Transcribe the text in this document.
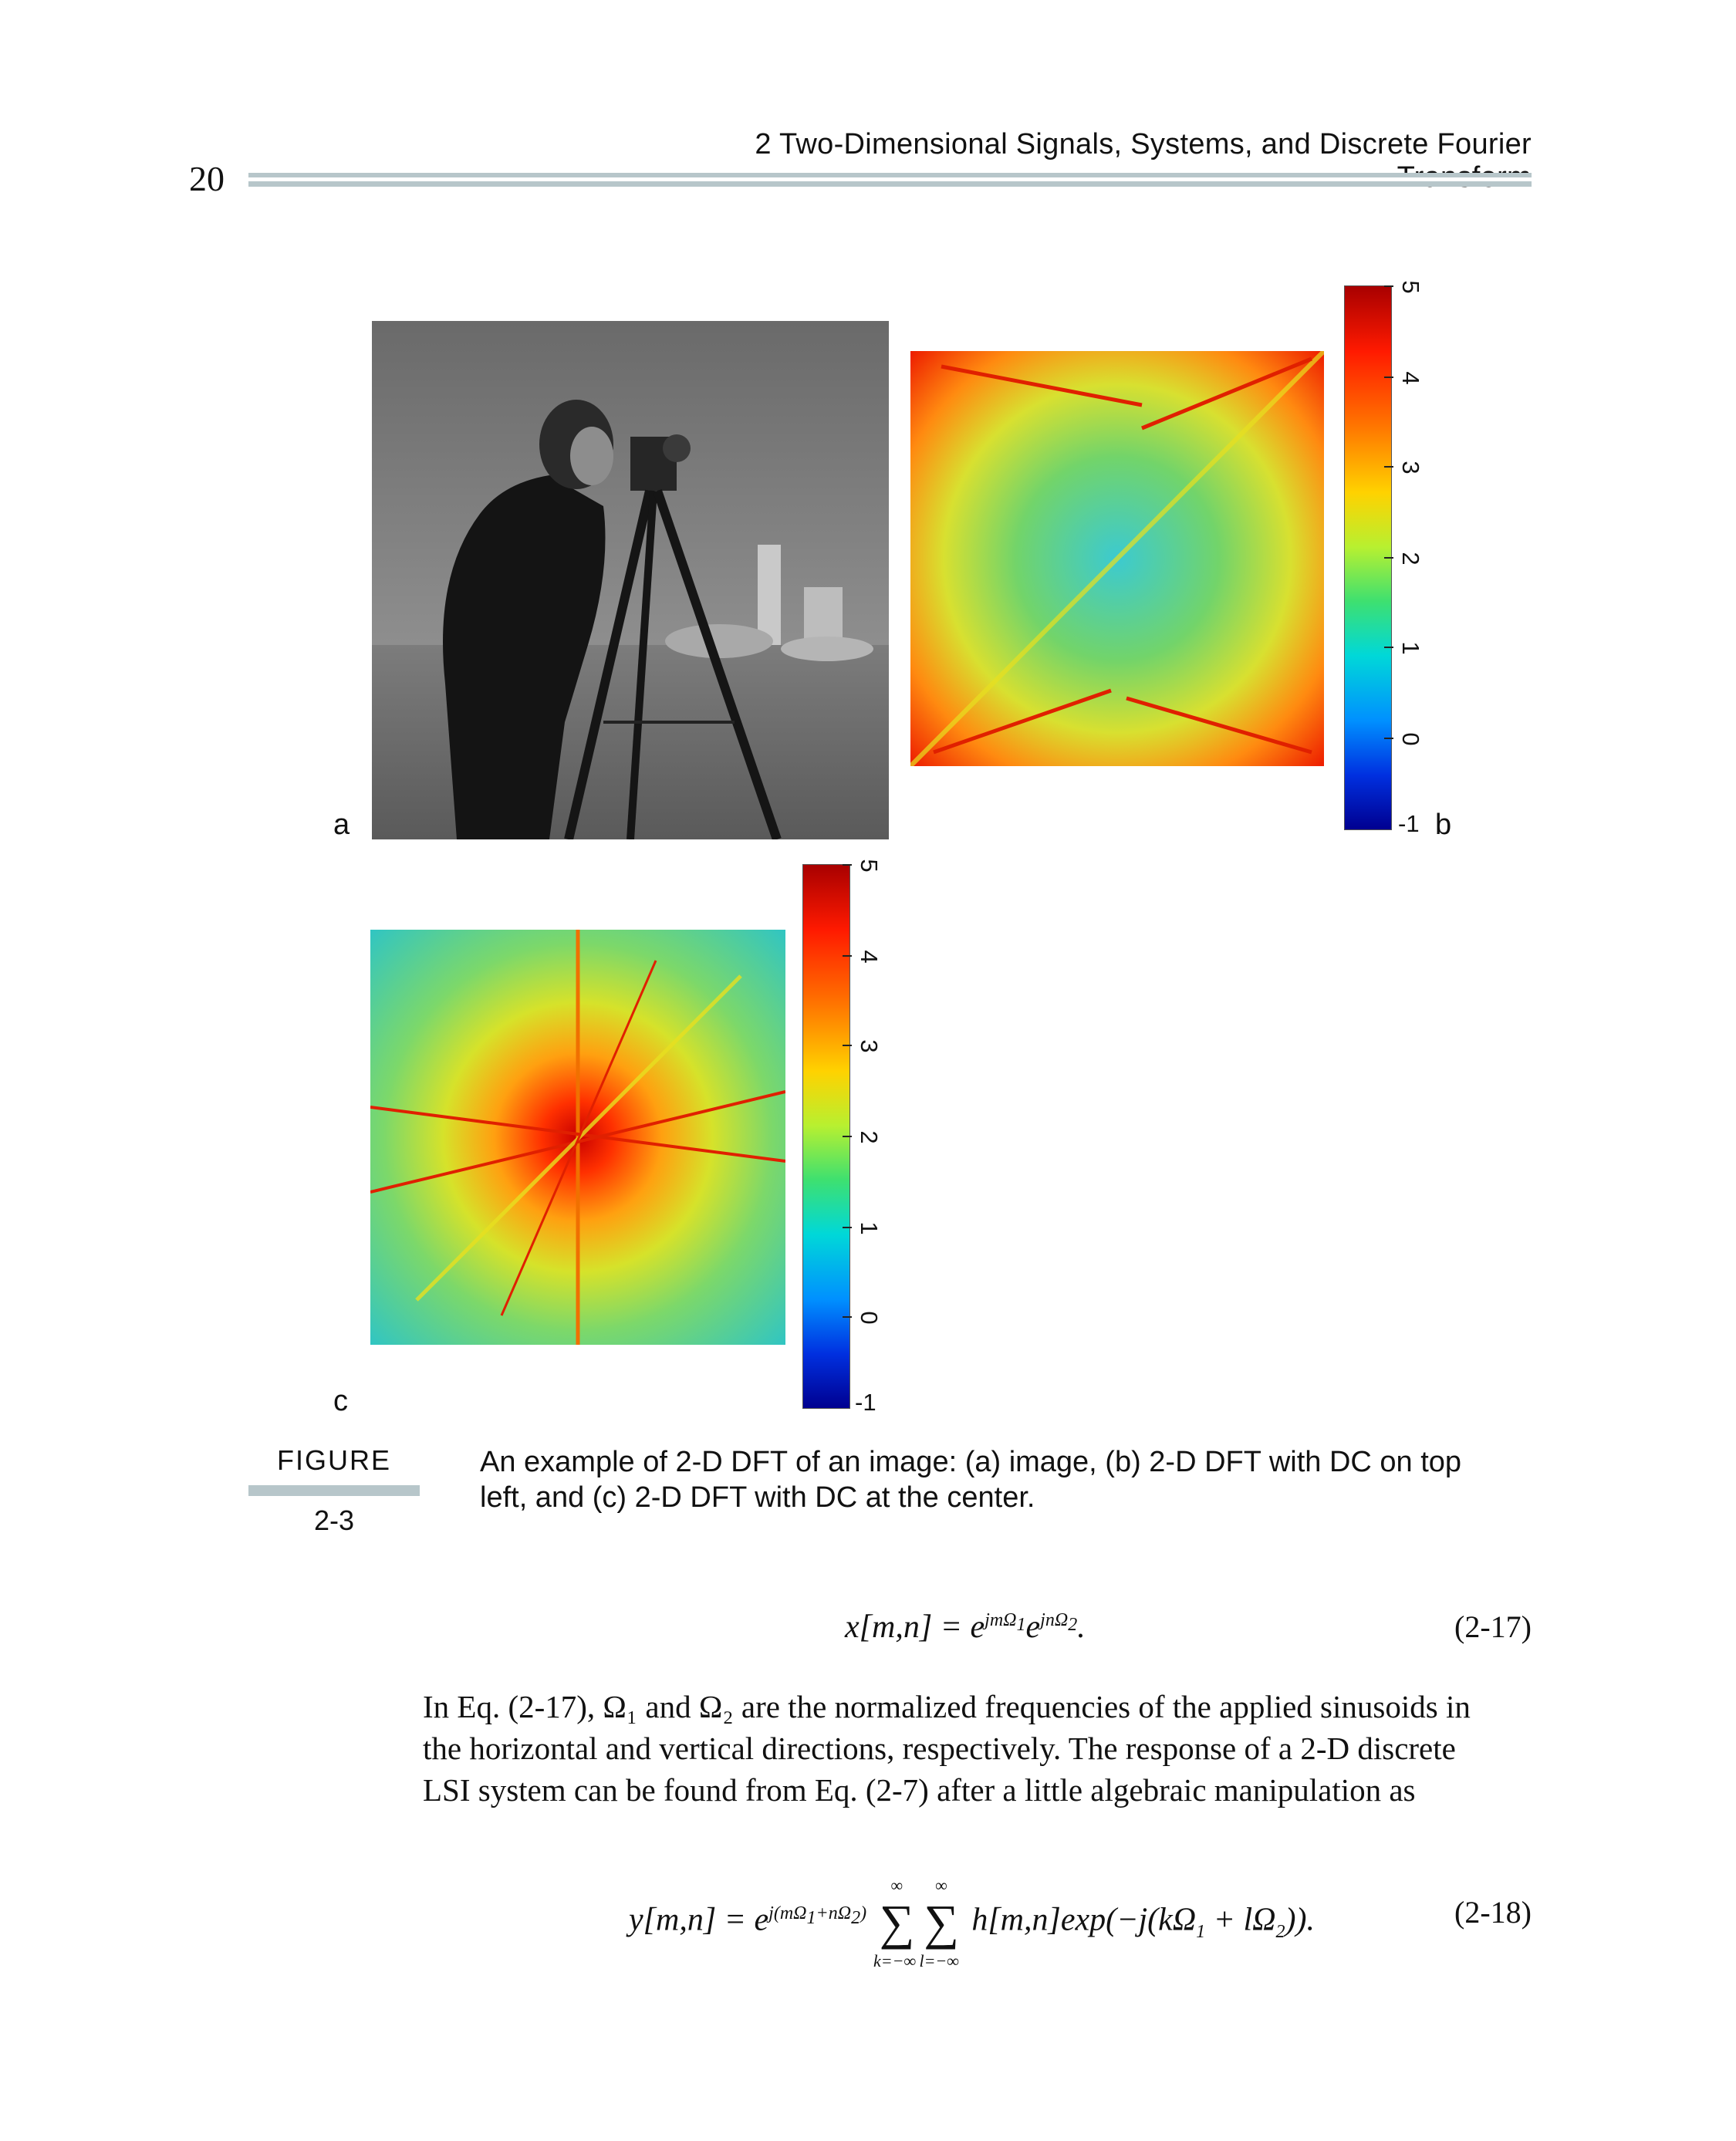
2 Two-Dimensional Signals, Systems, and Discrete Fourier
20
a
5
4
3
2
1
0
-1 b
5
4
3
2
1
0
-1
c
FIGURE
2-3
An example of 2-D DFT of an image: (a) image, (b) 2-D DFT with DC on top left, and (c) 2-D DFT with DC at the center.
$x[m,n] = e^{jm\Omega_1}e^{jn\Omega_2}$.	(2-17)
In Eq. (2-17), Ω₁ and Ω₂ are the normalized frequencies of the applied sinusoids in
the horizontal and vertical directions, respectively. The response of a 2-D discrete
LSI system can be found from Eq. (2-7) after a little algebraic manipulation as
$y[m,n] = e^{j(m\Omega_1+n\Omega_2)}$ ∑
∞
k=−∞
∑
∞
l=−∞
$h[m,n]\exp(-j(k\Omega_1 + l\Omega_2))$.	(2-18)
